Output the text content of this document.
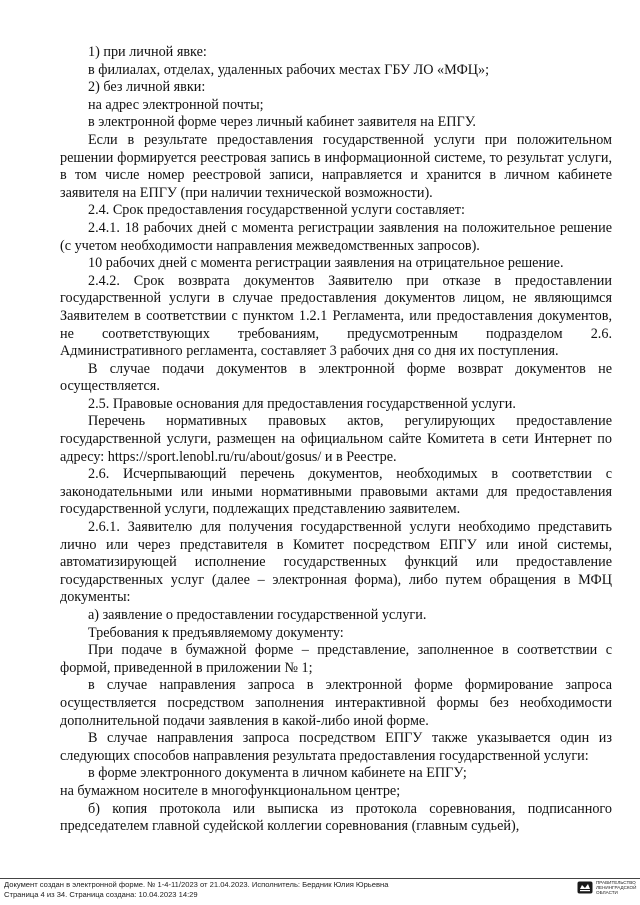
1) при личной явке:

в филиалах, отделах, удаленных рабочих местах ГБУ ЛО «МФЦ»;

2) без личной явки:

на адрес электронной почты;

в электронной форме через личный кабинет заявителя на ЕПГУ.

Если в результате предоставления государственной услуги при положительном решении формируется реестровая запись в информационной системе, то результат услуги, в том числе номер реестровой записи, направляется и хранится в личном кабинете заявителя на ЕПГУ (при наличии технической возможности).

2.4. Срок предоставления государственной услуги составляет:

2.4.1. 18 рабочих дней с момента регистрации заявления на положительное решение (с учетом необходимости направления межведомственных запросов).

10 рабочих дней с момента регистрации заявления на отрицательное решение.

2.4.2. Срок возврата документов Заявителю при отказе в предоставлении государственной услуги в случае предоставления документов лицом, не являющимся Заявителем в соответствии с пунктом 1.2.1 Регламента, или предоставления документов, не соответствующих требованиям, предусмотренным подразделом 2.6. Административного регламента, составляет 3 рабочих дня со дня их поступления.

В случае подачи документов в электронной форме возврат документов не осуществляется.

2.5. Правовые основания для предоставления государственной услуги.

Перечень нормативных правовых актов, регулирующих предоставление государственной услуги, размещен на официальном сайте Комитета в сети Интернет по адресу: https://sport.lenobl.ru/ru/about/gosus/ и в Реестре.

2.6. Исчерпывающий перечень документов, необходимых в соответствии с законодательными или иными нормативными правовыми актами для предоставления государственной услуги, подлежащих представлению заявителем.

2.6.1. Заявителю для получения государственной услуги необходимо представить лично или через представителя в Комитет посредством ЕПГУ или иной системы, автоматизирующей исполнение государственных функций или предоставление государственных услуг (далее – электронная форма), либо путем обращения в МФЦ документы:

а) заявление о предоставлении государственной услуги.

Требования к предъявляемому документу:

При подаче в бумажной форме – представление, заполненное в соответствии с формой, приведенной в приложении № 1;

в случае направления запроса в электронной форме формирование запроса осуществляется посредством заполнения интерактивной формы без необходимости дополнительной подачи заявления в какой-либо иной форме.

В случае направления запроса посредством ЕПГУ также указывается один из следующих способов направления результата предоставления государственной услуги:

в форме электронного документа в личном кабинете на ЕПГУ;

на бумажном носителе в многофункциональном центре;

б) копия протокола или выписка из протокола соревнования, подписанного председателем главной судейской коллегии соревнования (главным судьей),

Документ создан в электронной форме. № 1-4-11/2023 от 21.04.2023. Исполнитель: Бердник Юлия Юрьевна
Страница 4 из 34. Страница создана: 10.04.2023 14:29
ПРАВИТЕЛЬСТВО ЛЕНИНГРАДСКОЙ ОБЛАСТИ
